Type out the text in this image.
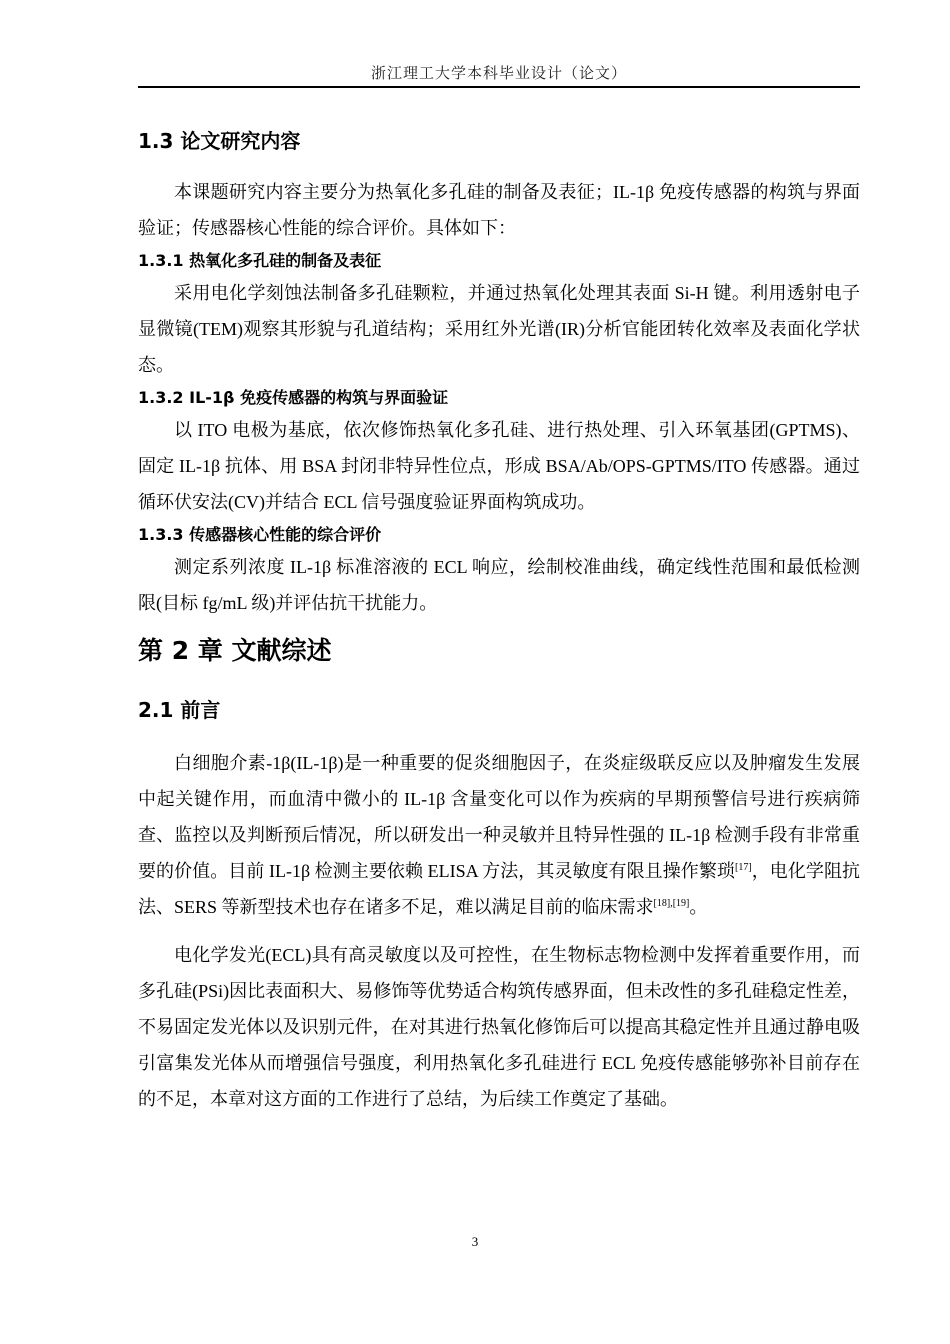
浙江理工大学本科毕业设计（论文）
1.3 论文研究内容

本课题研究内容主要分为热氧化多孔硅的制备及表征；IL-1β 免疫传感器的构筑与界面验证；传感器核心性能的综合评价。具体如下：

1.3.1 热氧化多孔硅的制备及表征

采用电化学刻蚀法制备多孔硅颗粒，并通过热氧化处理其表面 Si-H 键。利用透射电子显微镜(TEM)观察其形貌与孔道结构；采用红外光谱(IR)分析官能团转化效率及表面化学状态。

1.3.2 IL-1β 免疫传感器的构筑与界面验证

以 ITO 电极为基底，依次修饰热氧化多孔硅、进行热处理、引入环氧基团(GPTMS)、固定 IL-1β 抗体、用 BSA 封闭非特异性位点，形成 BSA/Ab/OPS-GPTMS/ITO 传感器。通过循环伏安法(CV)并结合 ECL 信号强度验证界面构筑成功。

1.3.3 传感器核心性能的综合评价

测定系列浓度 IL-1β 标准溶液的 ECL 响应，绘制校准曲线，确定线性范围和最低检测限(目标 fg/mL 级)并评估抗干扰能力。

第 2 章 文献综述
2.1 前言

白细胞介素-1β(IL-1β)是一种重要的促炎细胞因子，在炎症级联反应以及肿瘤发生发展中起关键作用，而血清中微小的 IL-1β 含量变化可以作为疾病的早期预警信号进行疾病筛查、监控以及判断预后情况，所以研发出一种灵敏并且特异性强的 IL-1β 检测手段有非常重要的价值。目前 IL-1β 检测主要依赖 ELISA 方法，其灵敏度有限且操作繁琐[17]，电化学阻抗法、SERS 等新型技术也存在诸多不足，难以满足目前的临床需求[18],[19]。

电化学发光(ECL)具有高灵敏度以及可控性，在生物标志物检测中发挥着重要作用，而多孔硅(PSi)因比表面积大、易修饰等优势适合构筑传感界面，但未改性的多孔硅稳定性差，不易固定发光体以及识别元件，在对其进行热氧化修饰后可以提高其稳定性并且通过静电吸引富集发光体从而增强信号强度，利用热氧化多孔硅进行 ECL 免疫传感能够弥补目前存在的不足，本章对这方面的工作进行了总结，为后续工作奠定了基础。

3
